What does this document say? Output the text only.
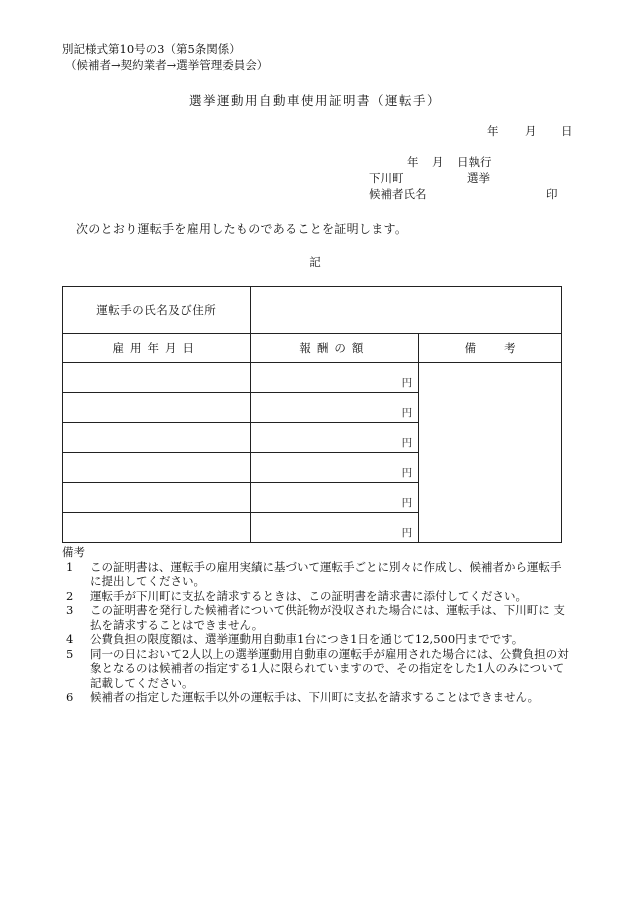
別記様式第10号の3（第5条関係）
（候補者→契約業者→選挙管理委員会）
選挙運動用自動車使用証明書（運転手）
年 月 日
年 月 日執行
下川町	選挙
候補者氏名	印
次のとおり運転手を雇用したものであることを証明します。
記
運転手の氏名及び住所		
雇用年月日	報酬の額	備考
	円	
	円	
	円	
	円	
	円	
	円	
備考
1	この証明書は、運転手の雇用実績に基づいて運転手ごとに別々に作成し、候補者から運転手に提出してください。
2	運転手が下川町に支払を請求するときは、この証明書を請求書に添付してください。
3	この証明書を発行した候補者について供託物が没収された場合には、運転手は、下川町に 支払を請求することはできません。
4	公費負担の限度額は、選挙運動用自動車1台につき1日を通じて12,500円までです。
5	同一の日において2人以上の選挙運動用自動車の運転手が雇用された場合には、公費負担の対象となるのは候補者の指定する1人に限られていますので、その指定をした1人のみについて記載してください。
6	候補者の指定した運転手以外の運転手は、下川町に支払を請求することはできません。
